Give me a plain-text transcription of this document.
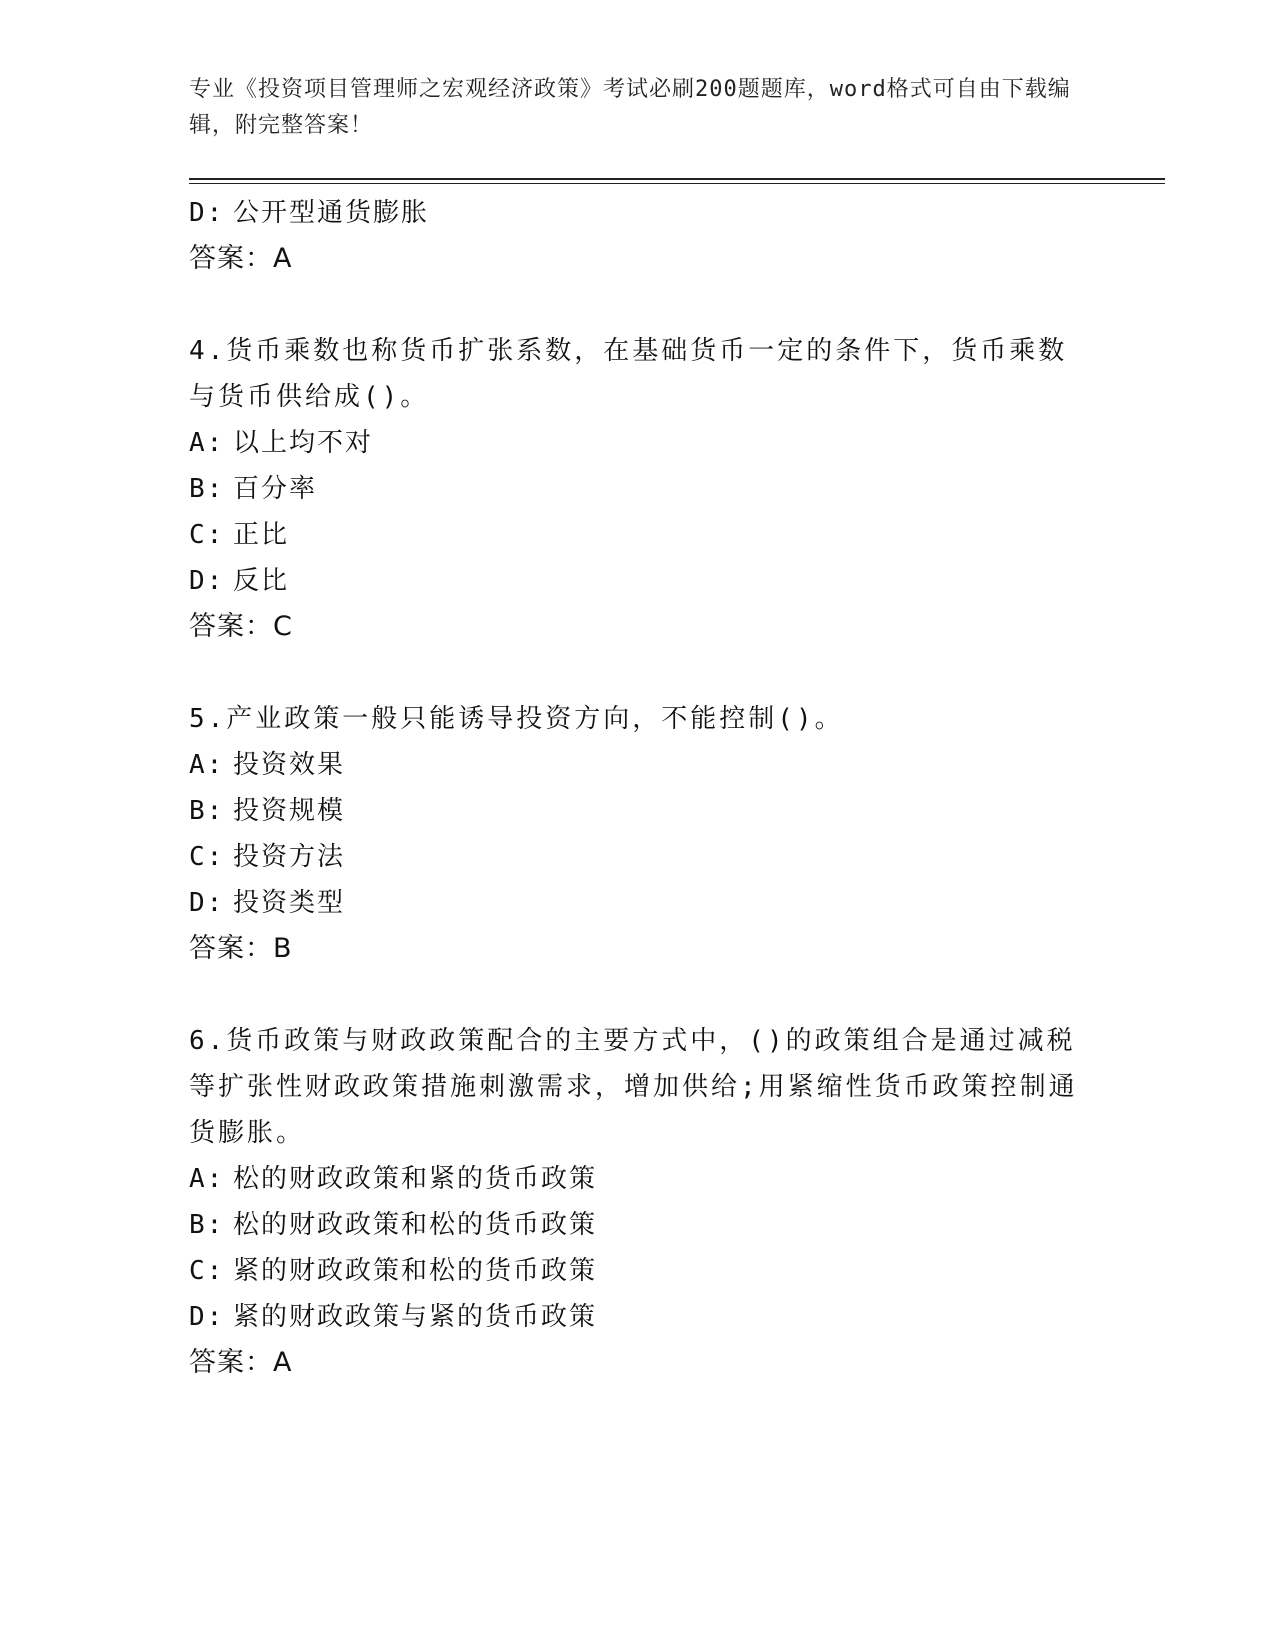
专业《投资项目管理师之宏观经济政策》考试必刷200题题库，word格式可自由下载编辑，附完整答案！
D: 公开型通货膨胀
答案：A
4.货币乘数也称货币扩张系数，在基础货币一定的条件下，货币乘数与货币供给成()。
A: 以上均不对
B: 百分率
C: 正比
D: 反比
答案：C
5.产业政策一般只能诱导投资方向，不能控制()。
A: 投资效果
B: 投资规模
C: 投资方法
D: 投资类型
答案：B
6.货币政策与财政政策配合的主要方式中，()的政策组合是通过减税等扩张性财政政策措施刺激需求，增加供给;用紧缩性货币政策控制通货膨胀。
A: 松的财政政策和紧的货币政策
B: 松的财政政策和松的货币政策
C: 紧的财政政策和松的货币政策
D: 紧的财政政策与紧的货币政策
答案：A
